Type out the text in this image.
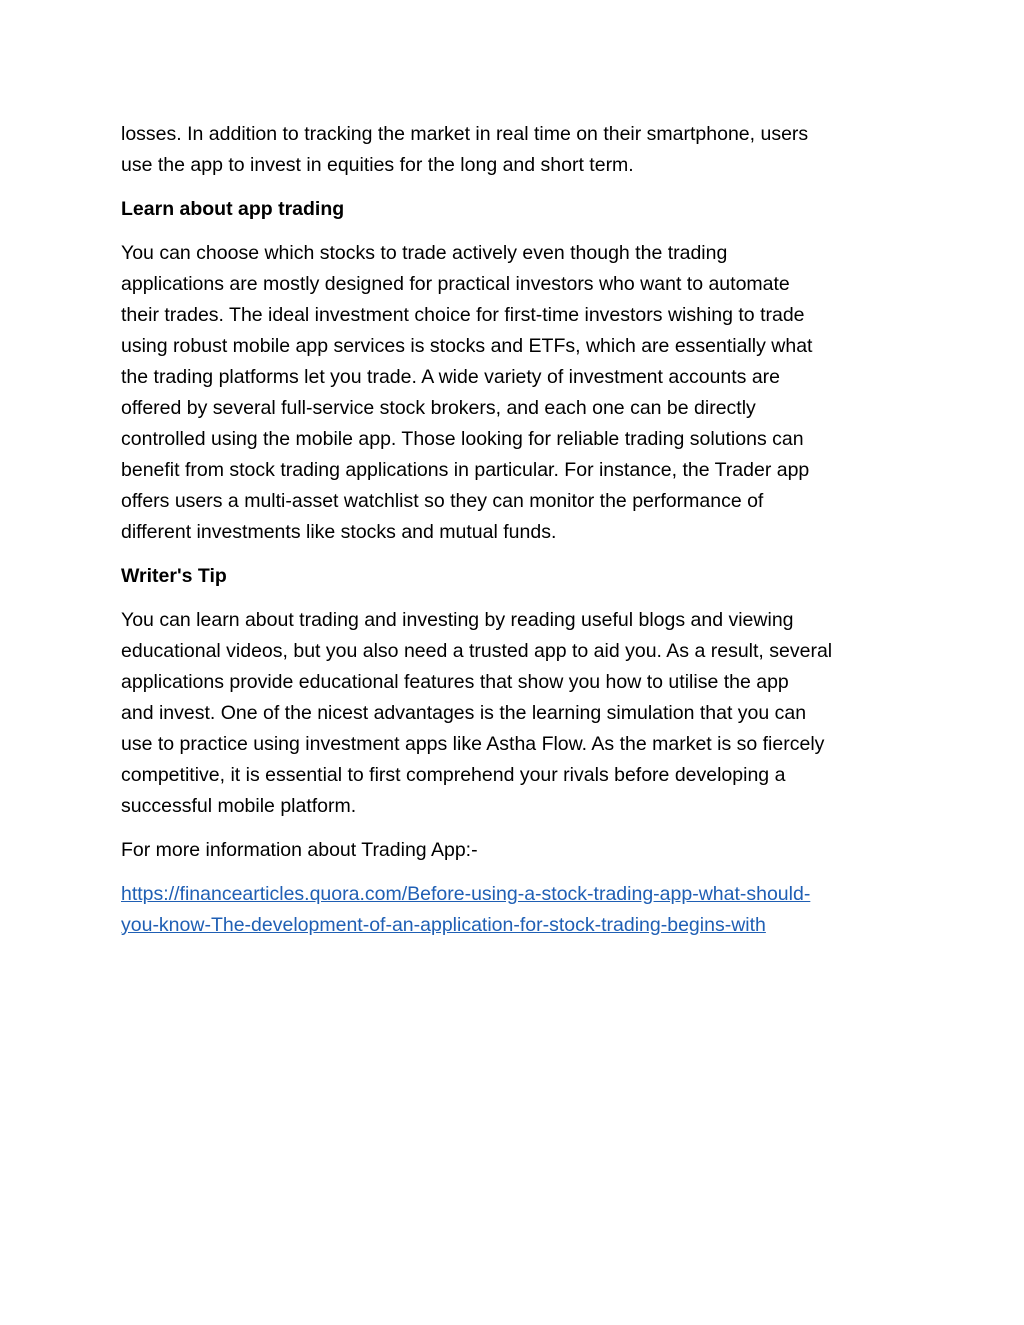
losses. In addition to tracking the market in real time on their smartphone, users
use the app to invest in equities for the long and short term.

Learn about app trading

You can choose which stocks to trade actively even though the trading
applications are mostly designed for practical investors who want to automate
their trades. The ideal investment choice for first-time investors wishing to trade
using robust mobile app services is stocks and ETFs, which are essentially what
the trading platforms let you trade. A wide variety of investment accounts are
offered by several full-service stock brokers, and each one can be directly
controlled using the mobile app. Those looking for reliable trading solutions can
benefit from stock trading applications in particular. For instance, the Trader app
offers users a multi-asset watchlist so they can monitor the performance of
different investments like stocks and mutual funds.

Writer's Tip

You can learn about trading and investing by reading useful blogs and viewing
educational videos, but you also need a trusted app to aid you. As a result, several
applications provide educational features that show you how to utilise the app
and invest. One of the nicest advantages is the learning simulation that you can
use to practice using investment apps like Astha Flow. As the market is so fiercely
competitive, it is essential to first comprehend your rivals before developing a
successful mobile platform.

For more information about Trading App:-

https://financearticles.quora.com/Before-using-a-stock-trading-app-what-should-
you-know-The-development-of-an-application-for-stock-trading-begins-with
